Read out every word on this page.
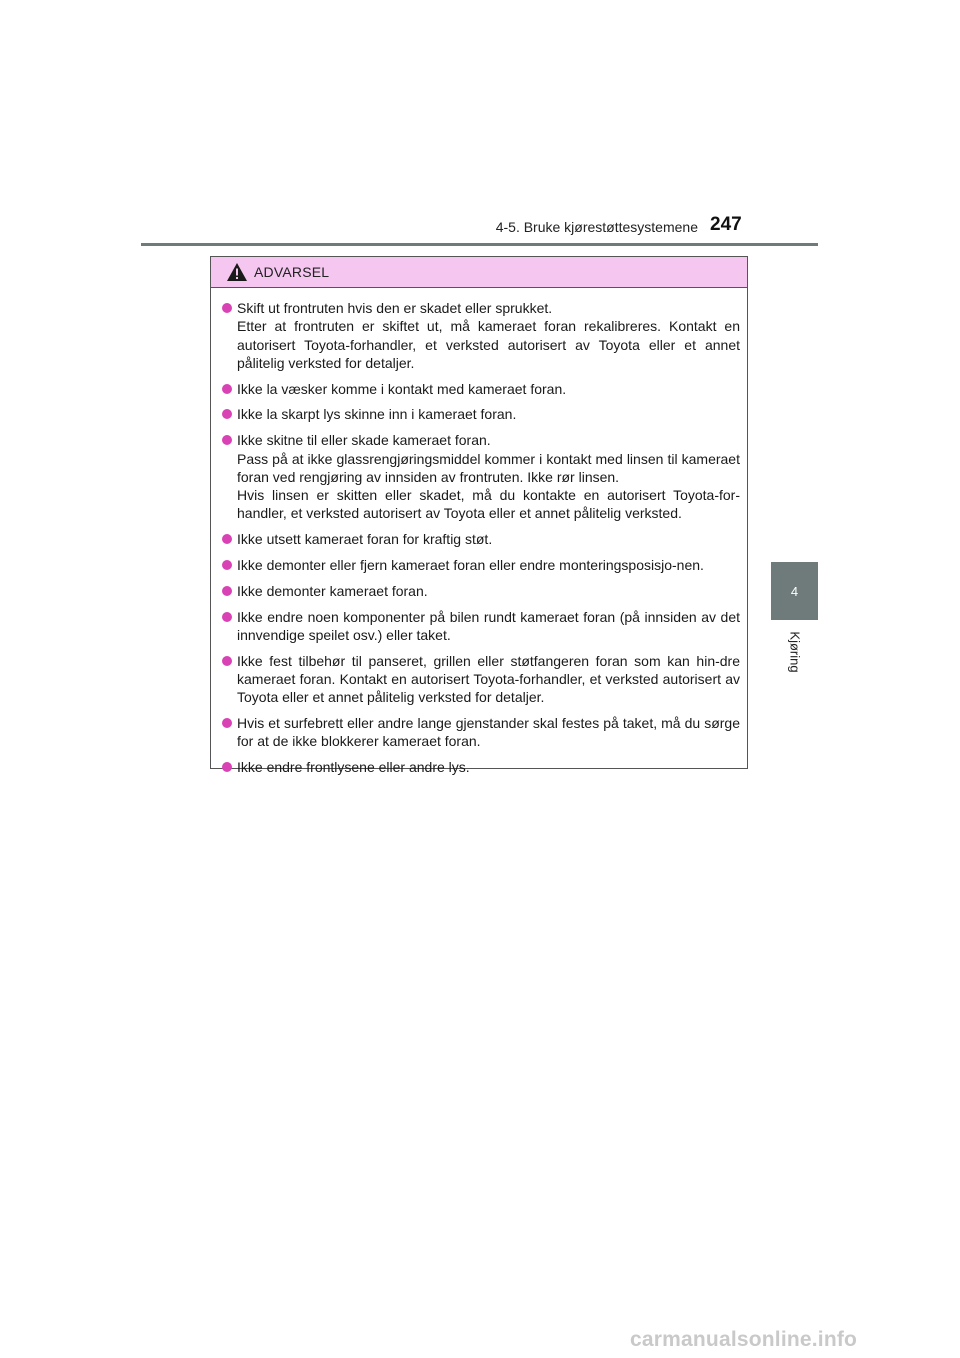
4-5. Bruke kjørestøttesystemene 247
4
Kjøring
ADVARSEL

Skift ut frontruten hvis den er skadet eller sprukket.

Etter at frontruten er skiftet ut, må kameraet foran rekalibreres. Kontakt en autorisert Toyota-forhandler, et verksted autorisert av Toyota eller et annet pålitelig verksted for detaljer.

Ikke la væsker komme i kontakt med kameraet foran.

Ikke la skarpt lys skinne inn i kameraet foran.

Ikke skitne til eller skade kameraet foran.

Pass på at ikke glassrengjøringsmiddel kommer i kontakt med linsen til kameraet foran ved rengjøring av innsiden av frontruten. Ikke rør linsen.

Hvis linsen er skitten eller skadet, må du kontakte en autorisert Toyota-for-handler, et verksted autorisert av Toyota eller et annet pålitelig verksted.

Ikke utsett kameraet foran for kraftig støt.

Ikke demonter eller fjern kameraet foran eller endre monteringsposisjo-nen.

Ikke demonter kameraet foran.

Ikke endre noen komponenter på bilen rundt kameraet foran (på innsiden av det innvendige speilet osv.) eller taket.

Ikke fest tilbehør til panseret, grillen eller støtfangeren foran som kan hin-dre kameraet foran. Kontakt en autorisert Toyota-forhandler, et verksted autorisert av Toyota eller et annet pålitelig verksted for detaljer.

Hvis et surfebrett eller andre lange gjenstander skal festes på taket, må du sørge for at de ikke blokkerer kameraet foran.

Ikke endre frontlysene eller andre lys.

carmanualsonline.info
